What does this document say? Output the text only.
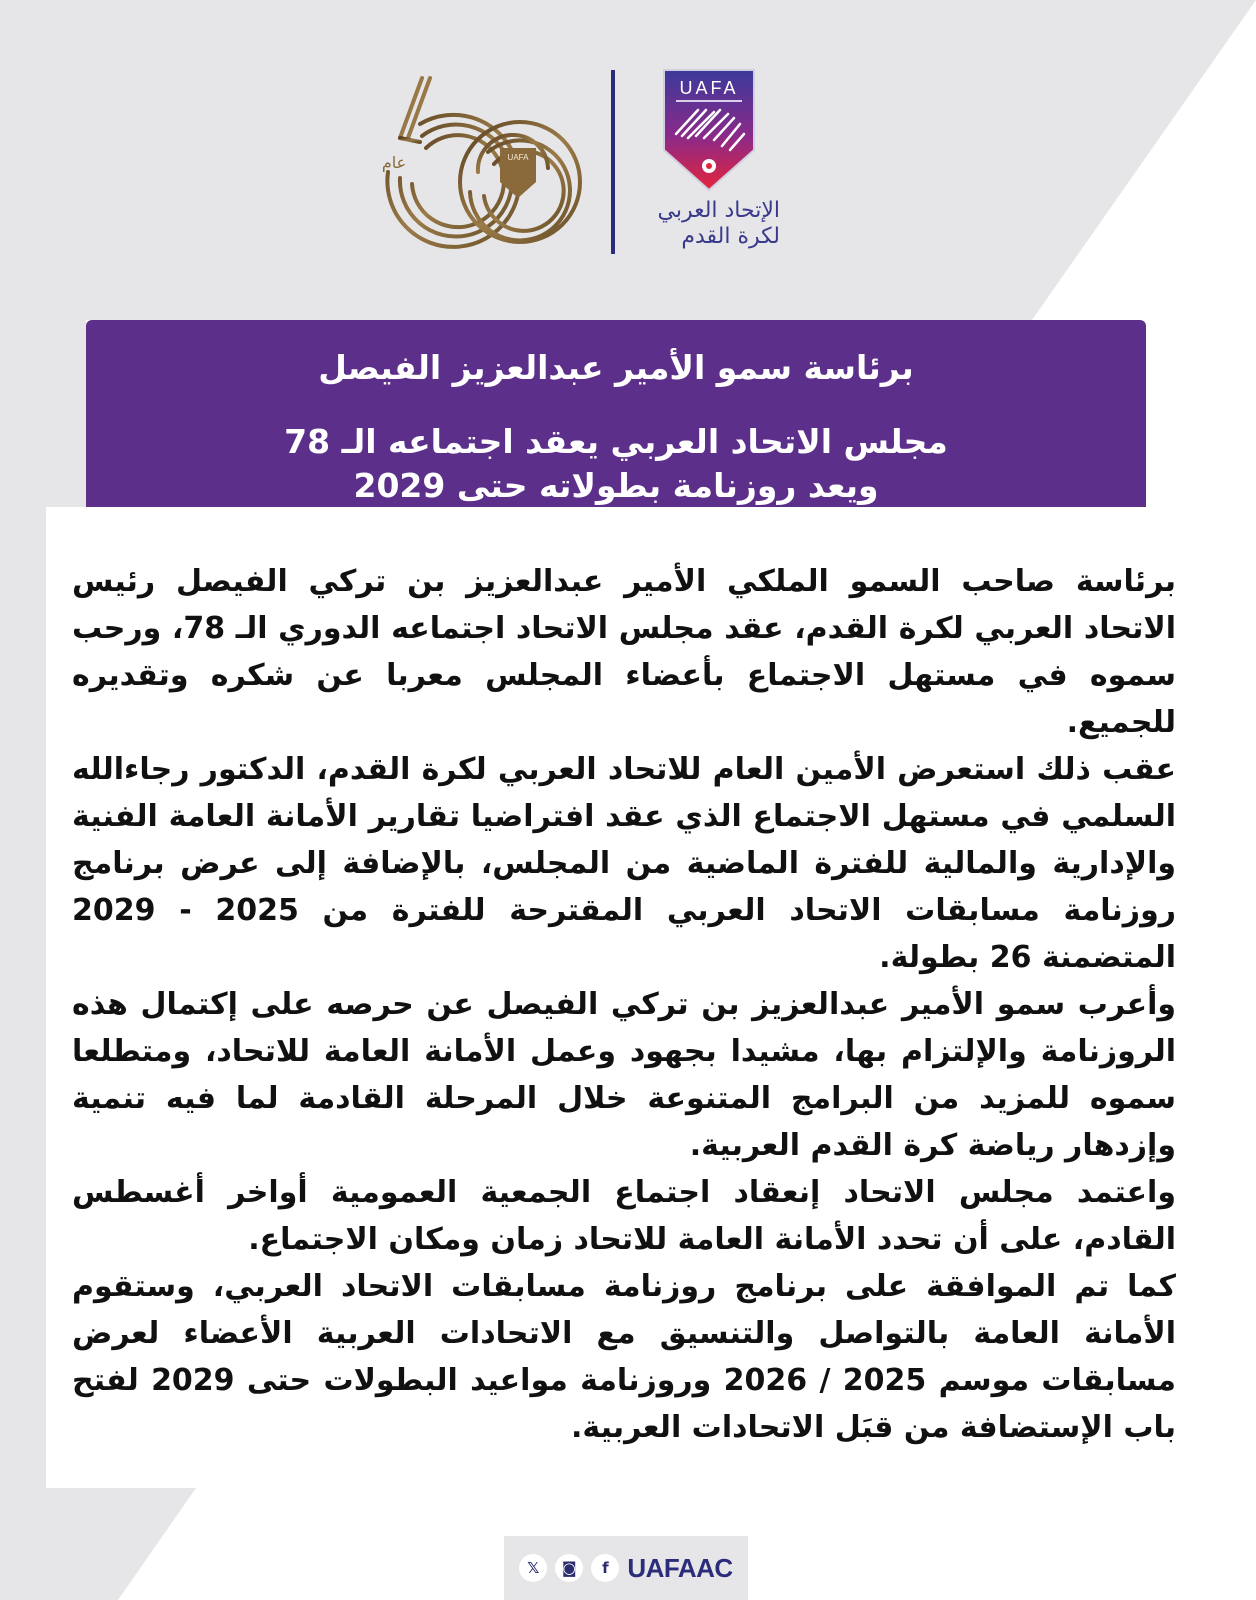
UAFA
عام
UAFA
الإتحاد العربي
لكرة القدم
برئاسة سمو الأمير عبدالعزيز الفيصل
مجلس الاتحاد العربي يعقد اجتماعه الـ 78
ويعد روزنامة بطولاته حتى 2029

برئاسة صاحب السمو الملكي الأمير عبدالعزيز بن تركي الفيصل رئيس الاتحاد العربي لكرة القدم، عقد مجلس الاتحاد اجتماعه الدوري الـ 78، ورحب سموه في مستهل الاجتماع بأعضاء المجلس معربا عن شكره وتقديره للجميع.

عقب ذلك استعرض الأمين العام للاتحاد العربي لكرة القدم، الدكتور رجاءالله السلمي في مستهل الاجتماع الذي عقد افتراضيا تقارير الأمانة العامة الفنية والإدارية والمالية للفترة الماضية من المجلس، بالإضافة إلى عرض برنامج روزنامة مسابقات الاتحاد العربي المقترحة للفترة من 2025 - 2029 المتضمنة 26 بطولة.

وأعرب سمو الأمير عبدالعزيز بن تركي الفيصل عن حرصه على إكتمال هذه الروزنامة والإلتزام بها، مشيدا بجهود وعمل الأمانة العامة للاتحاد، ومتطلعا سموه للمزيد من البرامج المتنوعة خلال المرحلة القادمة لما فيه تنمية وإزدهار رياضة كرة القدم العربية.

واعتمد مجلس الاتحاد إنعقاد اجتماع الجمعية العمومية أواخر أغسطس القادم، على أن تحدد الأمانة العامة للاتحاد زمان ومكان الاجتماع.

كما تم الموافقة على برنامج روزنامة مسابقات الاتحاد العربي، وستقوم الأمانة العامة بالتواصل والتنسيق مع الاتحادات العربية الأعضاء لعرض مسابقات موسم 2025 / 2026 وروزنامة مواعيد البطولات حتى 2029 لفتح باب الإستضافة من قبَل الاتحادات العربية.

𝕏	◙	f UAFAAC
